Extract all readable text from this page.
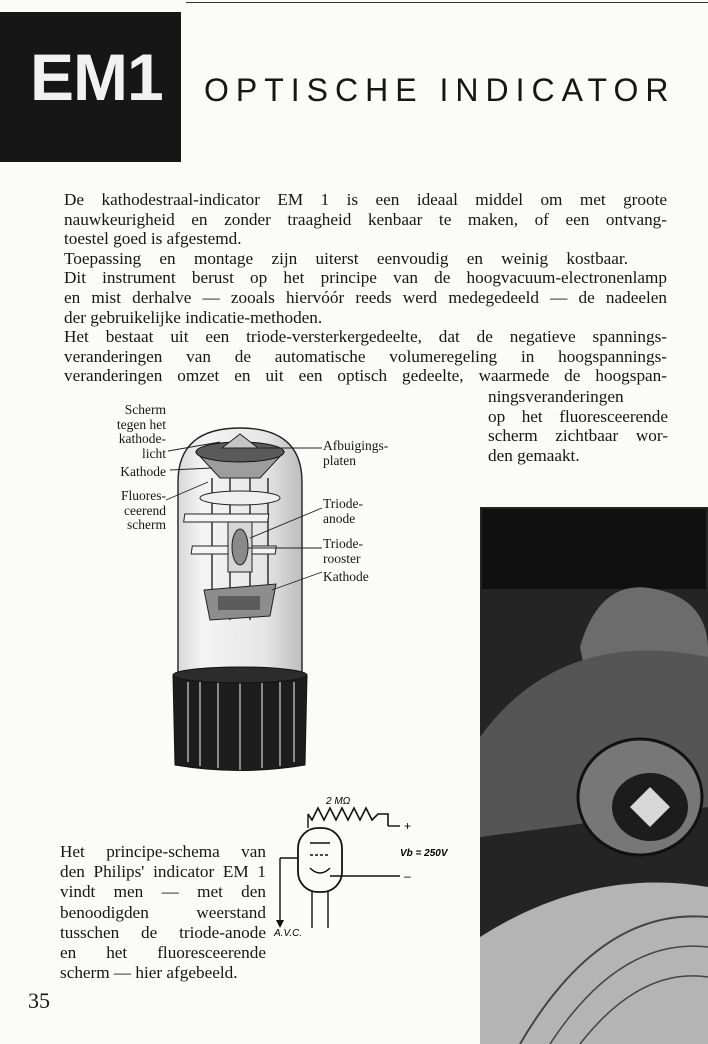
EM1	OPTISCHE INDICATOR

De kathodestraal-indicator EM 1 is een ideaal middel om met groote

nauwkeurigheid en zonder traagheid kenbaar te maken, of een ontvang-

toestel goed is afgestemd.

Toepassing en montage zijn uiterst eenvoudig en weinig kostbaar.

Dit instrument berust op het principe van de hoogvacuum-electronenlamp

en mist derhalve — zooals hiervóór reeds werd medegedeeld — de nadeelen

der gebruikelijke indicatie-methoden.

Het bestaat uit een triode-versterkergedeelte, dat de negatieve spannings-

veranderingen van de automatische volumeregeling in hoogspannings-

veranderingen omzet en uit een optisch gedeelte, waarmede de hoogspan-

ningsveranderingen
op het fluoresceerende
scherm zichtbaar wor-
den gemaakt.
Scherm
tegen het
kathode-
licht
Kathode
Fluores-
ceerend
scherm
Afbuigings-
platen
Triode-
anode
Triode-
rooster
Kathode
2 MΩ
+
Vb = 250V
–
A.V.C.
Het principe-schema van
den Philips' indicator EM 1
vindt men — met den
benoodigden weerstand
tusschen de triode-anode
en het fluoresceerende
scherm — hier afgebeeld.
35
